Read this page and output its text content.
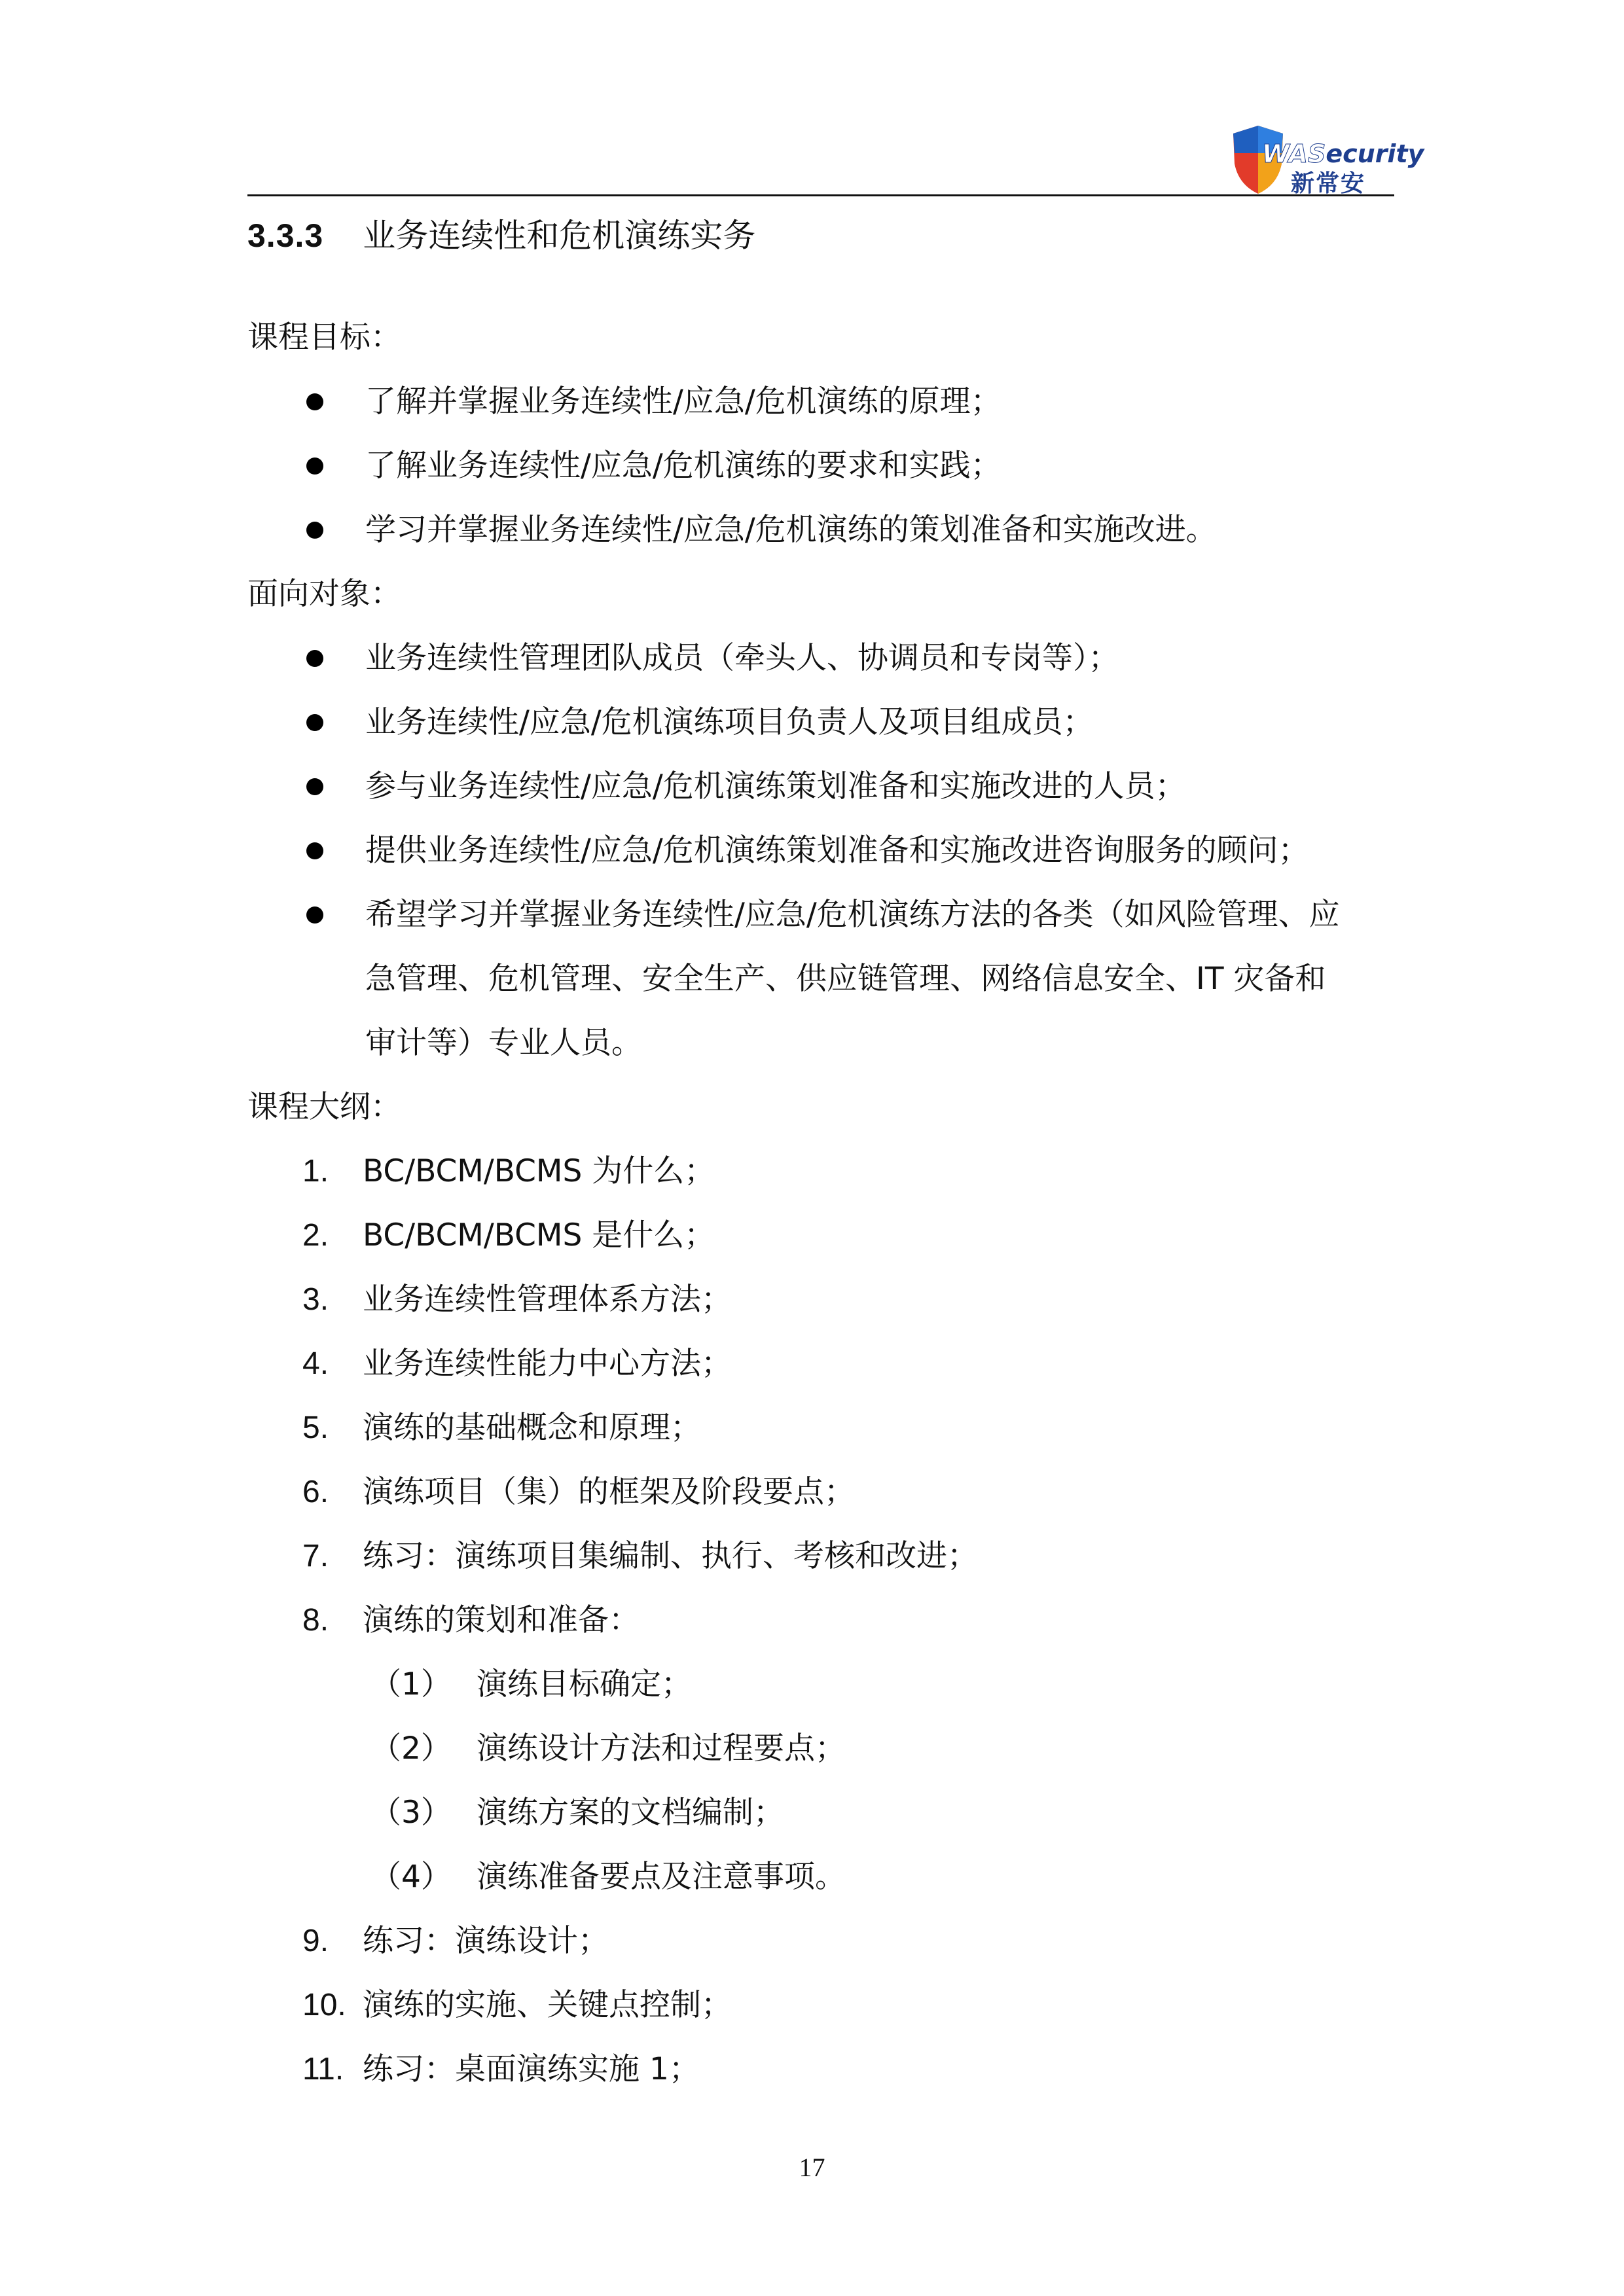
WASecurity
新常安
3.3.3 业务连续性和危机演练实务
课程目标：
了解并掌握业务连续性/应急/危机演练的原理；
了解业务连续性/应急/危机演练的要求和实践；
学习并掌握业务连续性/应急/危机演练的策划准备和实施改进。
面向对象：
业务连续性管理团队成员（牵头人、协调员和专岗等）；
业务连续性/应急/危机演练项目负责人及项目组成员；
参与业务连续性/应急/危机演练策划准备和实施改进的人员；
提供业务连续性/应急/危机演练策划准备和实施改进咨询服务的顾问；
希望学习并掌握业务连续性/应急/危机演练方法的各类（如风险管理、应
急管理、危机管理、安全生产、供应链管理、网络信息安全、IT 灾备和
审计等）专业人员。
课程大纲：
1. BC/BCM/BCMS 为什么；
2. BC/BCM/BCMS 是什么；
3. 业务连续性管理体系方法；
4. 业务连续性能力中心方法；
5. 演练的基础概念和原理；
6. 演练项目（集）的框架及阶段要点；
7. 练习：演练项目集编制、执行、考核和改进；
8. 演练的策划和准备：
（1） 演练目标确定；
（2） 演练设计方法和过程要点；
（3） 演练方案的文档编制；
（4） 演练准备要点及注意事项。
9. 练习：演练设计；
10. 演练的实施、关键点控制；
11. 练习：桌面演练实施 1；
17
